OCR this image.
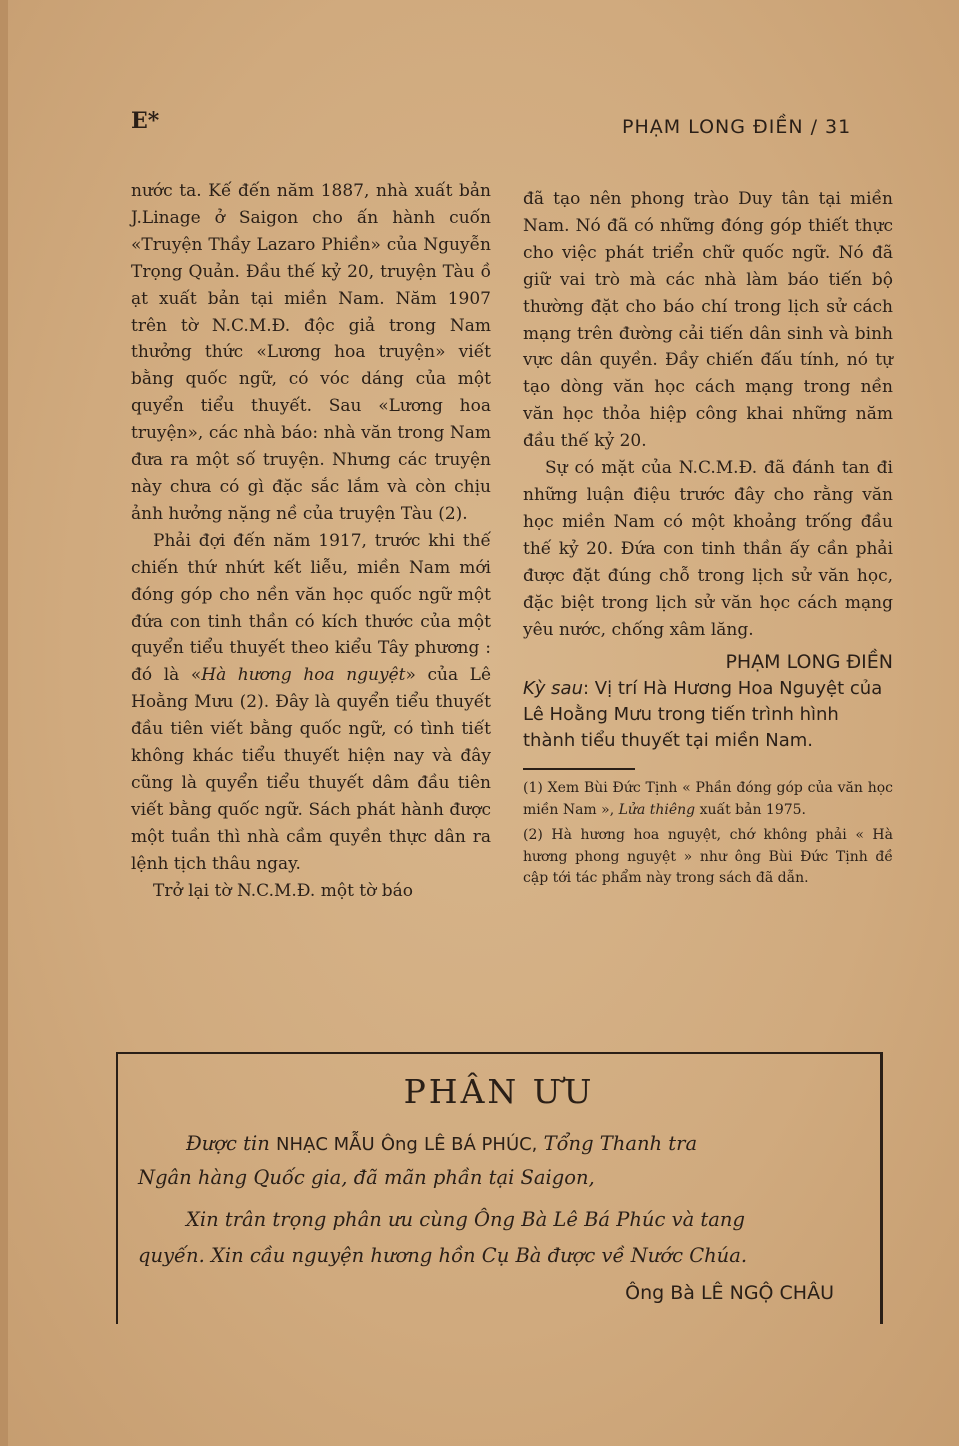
E*	PHẠM LONG ĐIỀN / 31

nước ta. Kế đến năm 1887, nhà xuất bản J.Linage ở Saigon cho ấn hành cuốn «Truyện Thầy Lazaro Phiền» của Nguyễn Trọng Quản. Đầu thế kỷ 20, truyện Tàu ồ ạt xuất bản tại miền Nam. Năm 1907 trên tờ N.C.M.Đ. độc giả trong Nam thưởng thức «Lương hoa truyện» viết bằng quốc ngữ, có vóc dáng của một quyển tiểu thuyết. Sau «Lương hoa truyện», các nhà báo: nhà văn trong Nam đưa ra một số truyện. Nhưng các truyện này chưa có gì đặc sắc lắm và còn chịu ảnh hưởng nặng nề của truyện Tàu (2).

Phải đợi đến năm 1917, trước khi thế chiến thứ nhứt kết liễu, miền Nam mới đóng góp cho nền văn học quốc ngữ một đứa con tinh thần có kích thước của một quyển tiểu thuyết theo kiểu Tây phương : đó là «Hà hương hoa nguyệt» của Lê Hoằng Mưu (2). Đây là quyển tiểu thuyết đầu tiên viết bằng quốc ngữ, có tình tiết không khác tiểu thuyết hiện nay và đây cũng là quyển tiểu thuyết dâm đầu tiên viết bằng quốc ngữ. Sách phát hành được một tuần thì nhà cầm quyền thực dân ra lệnh tịch thâu ngay.

Trở lại tờ N.C.M.Đ. một tờ báo

đã tạo nên phong trào Duy tân tại miền Nam. Nó đã có những đóng góp thiết thực cho việc phát triển chữ quốc ngữ. Nó đã giữ vai trò mà các nhà làm báo tiến bộ thường đặt cho báo chí trong lịch sử cách mạng trên đường cải tiến dân sinh và binh vực dân quyền. Đầy chiến đấu tính, nó tự tạo dòng văn học cách mạng trong nền văn học thỏa hiệp công khai những năm đầu thế kỷ 20.

Sự có mặt của N.C.M.Đ. đã đánh tan đi những luận điệu trước đây cho rằng văn học miền Nam có một khoảng trống đầu thế kỷ 20. Đứa con tinh thần ấy cần phải được đặt đúng chỗ trong lịch sử văn học, đặc biệt trong lịch sử văn học cách mạng yêu nước, chống xâm lăng.

PHẠM LONG ĐIỀN

Kỳ sau: Vị trí Hà Hương Hoa Nguyệt của Lê Hoằng Mưu trong tiến trình hình thành tiểu thuyết tại miền Nam.

(1) Xem Bùi Đức Tịnh « Phần đóng góp của văn học miền Nam », Lửa thiêng xuất bản 1975.

(2) Hà hương hoa nguyệt, chớ không phải « Hà hương phong nguyệt » như ông Bùi Đức Tịnh đề cập tới tác phẩm này trong sách đã dẫn.

PHÂN ƯU
Được tin NHẠC MẪU Ông LÊ BÁ PHÚC, Tổng Thanh tra
Ngân hàng Quốc gia, đã mãn phần tại Saigon,
Xin trân trọng phân ưu cùng Ông Bà Lê Bá Phúc và tang
quyến. Xin cầu nguyện hương hồn Cụ Bà được về Nước Chúa.
Ông Bà LÊ NGỘ CHÂU
